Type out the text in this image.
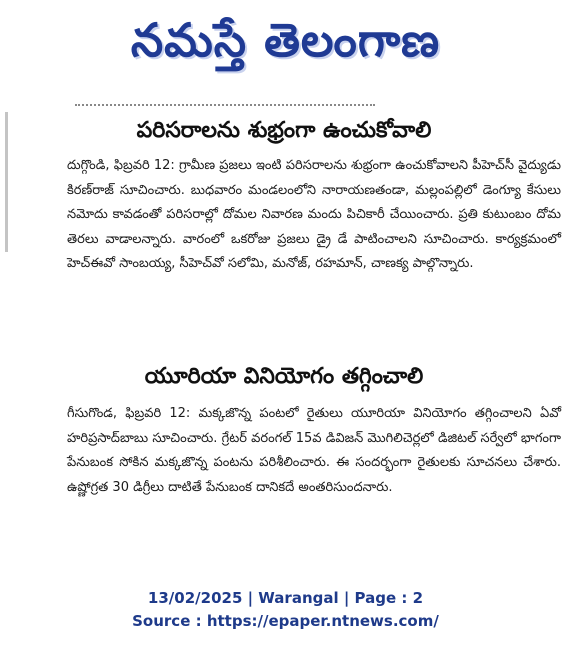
నమస్తే తెలంగాణ
పరిసరాలను శుభ్రంగా ఉంచుకోవాలి

దుగ్గొండి, ఫిబ్రవరి 12: గ్రామీణ ప్రజలు ఇంటి పరిసరాలను శుభ్రంగా ఉంచుకోవాలని పీహెచ్‌సీ వైద్యుడు కిరణ్‌రాజ్ సూచించారు. బుధవారం మండలంలోని నారాయణతండా, మల్లంపల్లిలో డెంగ్యూ కేసులు నమోదు కావడంతో పరిసరాల్లో దోమల నివారణ మందు పిచికారీ చేయించారు. ప్రతి కుటుంబం దోమ తెరలు వాడాలన్నారు. వారంలో ఒకరోజు ప్రజలు డ్రై డే పాటించాలని సూచించారు. కార్యక్రమంలో హెచ్‌ఈవో సాంబయ్య, సీహెచ్‌వో సలోమి, మనోజ్, రహమాన్, చాణక్య పాల్గొన్నారు.

యూరియా వినియోగం తగ్గించాలి

గీసుగొండ, ఫిబ్రవరి 12: మక్కజొన్న పంటలో రైతులు యూరియా వినియోగం తగ్గించాలని ఏవో హరిప్రసాద్‌బాబు సూచించారు. గ్రేటర్ వరంగల్ 15వ డివిజన్ మొగిలిచెర్లలో డిజిటల్ సర్వేలో భాగంగా పేనుబంక సోకిన మక్కజొన్న పంటను పరిశీలించారు. ఈ సందర్భంగా రైతులకు సూచనలు చేశారు. ఉష్ణోగ్రత 30 డిగ్రీలు దాటితే పేనుబంక దానికదే అంతరిసుందనారు.

13/02/2025 | Warangal | Page : 2
Source : https://epaper.ntnews.com/
